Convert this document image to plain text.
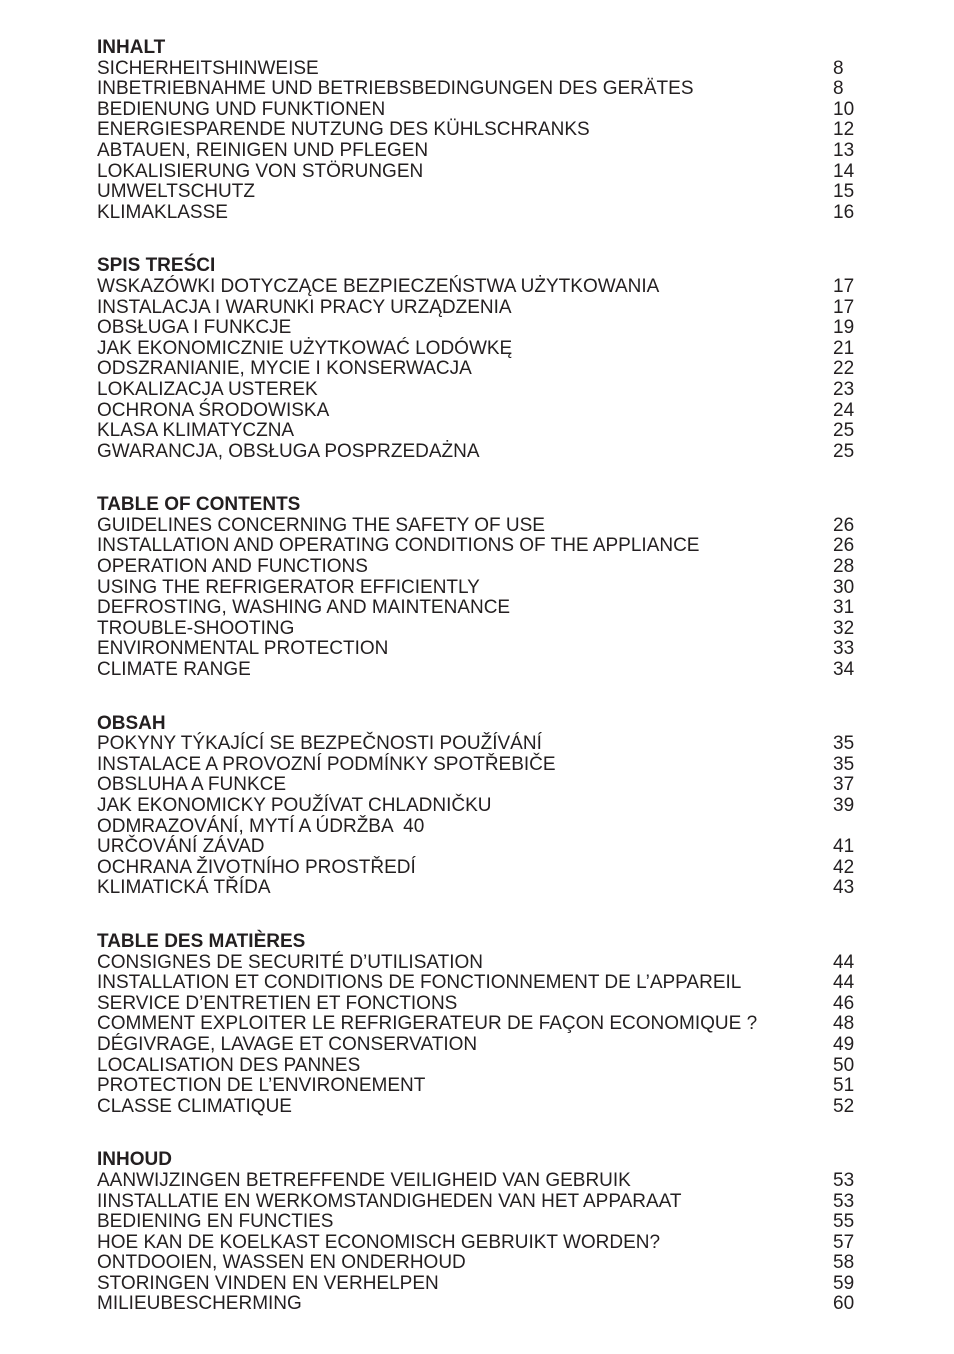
INHALT
SICHERHEITSHINWEISE	8
INBETRIEBNAHME UND BETRIEBSBEDINGUNGEN DES GERÄTES	8
BEDIENUNG UND FUNKTIONEN	10
ENERGIESPARENDE NUTZUNG DES KÜHLSCHRANKS	12
ABTAUEN, REINIGEN UND PFLEGEN	13
LOKALISIERUNG VON STÖRUNGEN	14
UMWELTSCHUTZ	15
KLIMAKLASSE	16
SPIS TREŚCI
WSKAZÓWKI DOTYCZĄCE BEZPIECZEŃSTWA UŻYTKOWANIA	17
INSTALACJA I WARUNKI PRACY URZĄDZENIA	17
OBSŁUGA I FUNKCJE	19
JAK EKONOMICZNIE UŻYTKOWAĆ LODÓWKĘ	21
ODSZRANIANIE, MYCIE I KONSERWACJA	22
LOKALIZACJA USTEREK	23
OCHRONA ŚRODOWISKA	24
KLASA KLIMATYCZNA	25
GWARANCJA, OBSŁUGA POSPRZEDAŻNA	25
TABLE OF CONTENTS
GUIDELINES CONCERNING THE SAFETY OF USE	26
INSTALLATION AND OPERATING CONDITIONS OF THE APPLIANCE	26
OPERATION AND FUNCTIONS	28
USING THE REFRIGERATOR EFFICIENTLY	30
DEFROSTING, WASHING AND MAINTENANCE	31
TROUBLE-SHOOTING	32
ENVIRONMENTAL PROTECTION	33
CLIMATE RANGE	34
OBSAH
POKYNY TÝKAJÍCÍ SE BEZPEČNOSTI POUŽÍVÁNÍ	35
INSTALACE A PROVOZNÍ PODMÍNKY SPOTŘEBIČE	35
OBSLUHA A FUNKCE	37
JAK EKONOMICKY POUŽÍVAT CHLADNIČKU	39
ODMRAZOVÁNÍ, MYTÍ A ÚDRŽBA  40
URČOVÁNÍ ZÁVAD	41
OCHRANA ŽIVOTNÍHO PROSTŘEDÍ	42
KLIMATICKÁ TŘÍDA	43
TABLE DES MATIÈRES
CONSIGNES DE SECURITÉ D’UTILISATION	44
INSTALLATION ET CONDITIONS DE FONCTIONNEMENT DE L’APPAREIL	44
SERVICE D’ENTRETIEN ET FONCTIONS	46
COMMENT EXPLOITER LE REFRIGERATEUR DE FAÇON ECONOMIQUE ?	48
DÉGIVRAGE, LAVAGE ET CONSERVATION	49
LOCALISATION DES PANNES	50
PROTECTION DE L’ENVIRONEMENT	51
CLASSE CLIMATIQUE	52
INHOUD
AANWIJZINGEN BETREFFENDE VEILIGHEID VAN GEBRUIK	53
IINSTALLATIE EN WERKOMSTANDIGHEDEN VAN HET APPARAAT	53
BEDIENING EN FUNCTIES	55
HOE KAN DE KOELKAST ECONOMISCH GEBRUIKT WORDEN?	57
ONTDOOIEN, WASSEN EN ONDERHOUD	58
STORINGEN VINDEN EN VERHELPEN	59
MILIEUBESCHERMING	60
